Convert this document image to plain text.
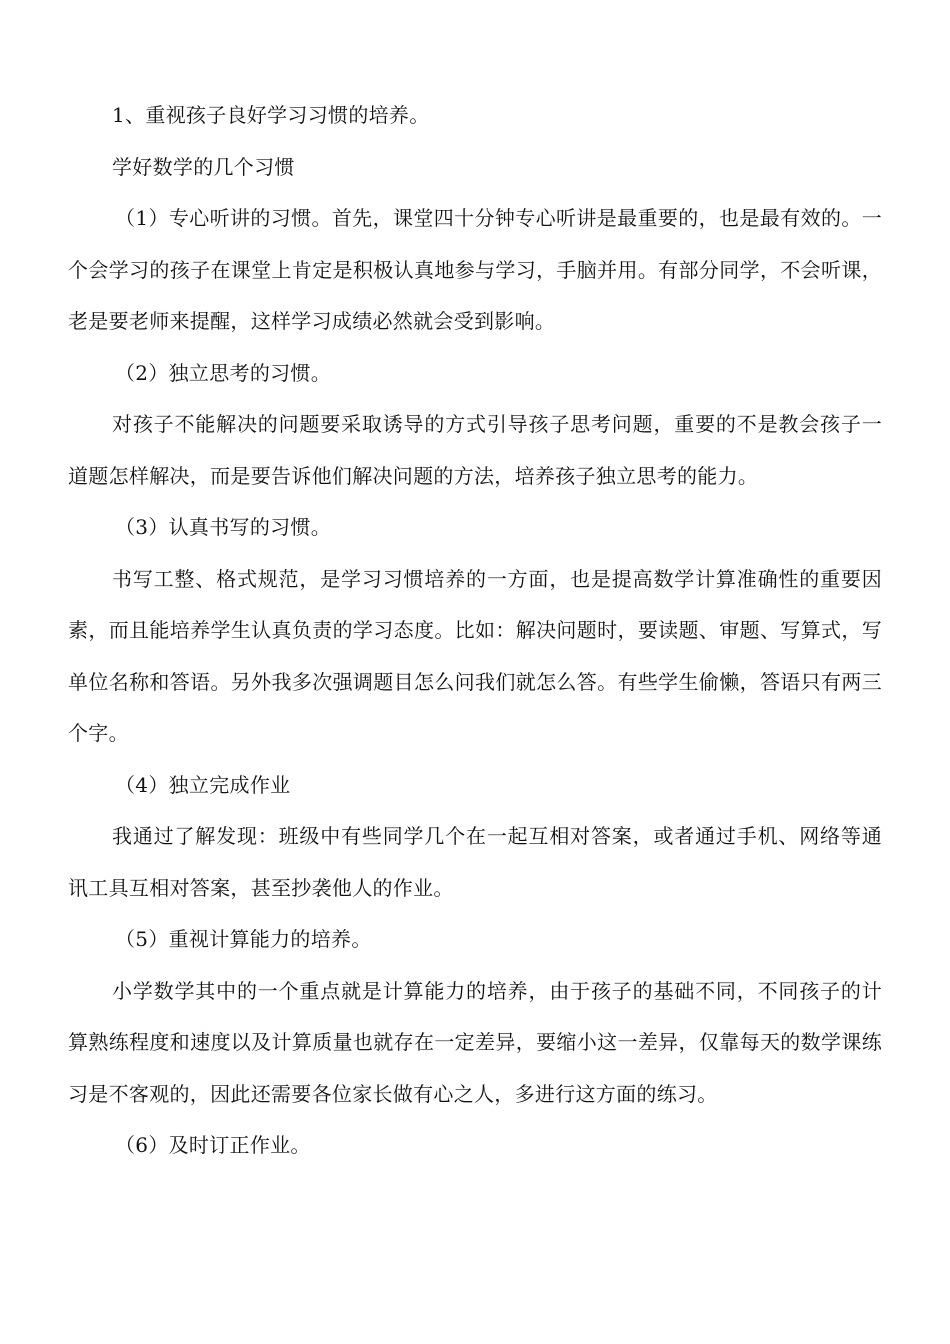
1、重视孩子良好学习习惯的培养。

学好数学的几个习惯

（1）专心听讲的习惯。首先，课堂四十分钟专心听讲是最重要的，也是最有效的。一个会学习的孩子在课堂上肯定是积极认真地参与学习，手脑并用。有部分同学，不会听课，老是要老师来提醒，这样学习成绩必然就会受到影响。

（2）独立思考的习惯。

对孩子不能解决的问题要采取诱导的方式引导孩子思考问题，重要的不是教会孩子一道题怎样解决，而是要告诉他们解决问题的方法，培养孩子独立思考的能力。

（3）认真书写的习惯。

书写工整、格式规范，是学习习惯培养的一方面，也是提高数学计算准确性的重要因素，而且能培养学生认真负责的学习态度。比如：解决问题时，要读题、审题、写算式，写单位名称和答语。另外我多次强调题目怎么问我们就怎么答。有些学生偷懒，答语只有两三个字。

（4）独立完成作业

我通过了解发现：班级中有些同学几个在一起互相对答案，或者通过手机、网络等通讯工具互相对答案，甚至抄袭他人的作业。

（5）重视计算能力的培养。

小学数学其中的一个重点就是计算能力的培养，由于孩子的基础不同，不同孩子的计算熟练程度和速度以及计算质量也就存在一定差异，要缩小这一差异，仅靠每天的数学课练习是不客观的，因此还需要各位家长做有心之人，多进行这方面的练习。

（6）及时订正作业。
